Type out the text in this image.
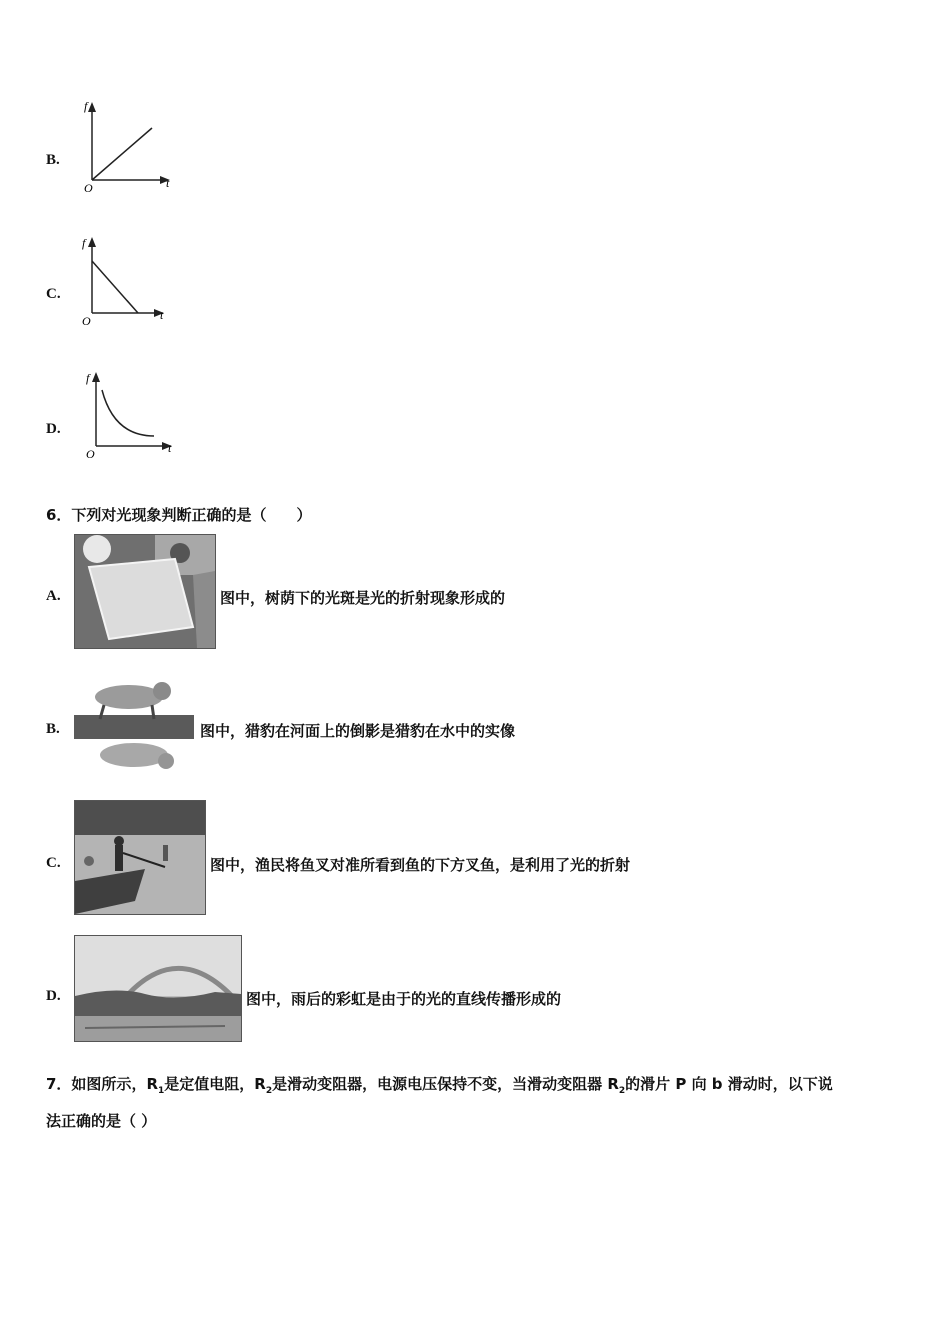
B.
f
t
O
C.
f
t
O
D.
f
t
O
6．下列对光现象判断正确的是（　　）
A.	图中，树荫下的光斑是光的折射现象形成的
B.	图中，猎豹在河面上的倒影是猎豹在水中的实像
C.	图中，渔民将鱼叉对准所看到鱼的下方叉鱼，是利用了光的折射
D.	图中，雨后的彩虹是由于的光的直线传播形成的
7．如图所示，$R_1$是定值电阻，$R_2$是滑动变阻器，电源电压保持不变，当滑动变阻器 $R_2$的滑片 P 向 b 滑动时，以下说
法正确的是（ ）
